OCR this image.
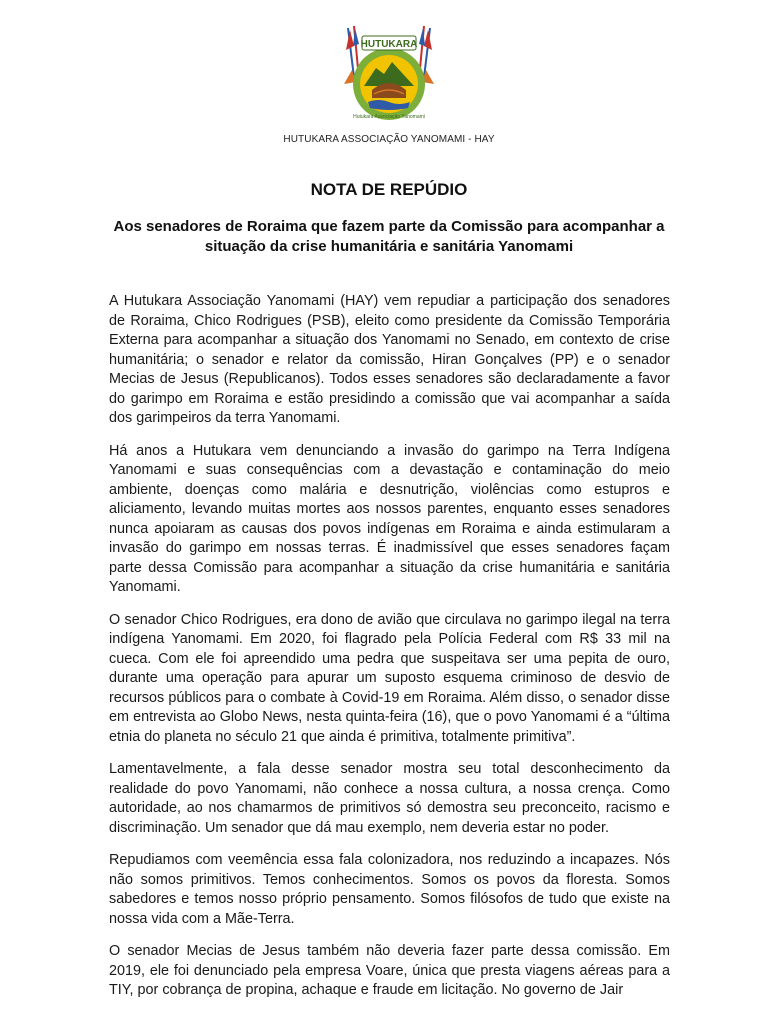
HUTUKARA
Hutukara Associação Yanomami
HUTUKARA ASSOCIAÇÃO YANOMAMI - HAY
NOTA DE REPÚDIO
Aos senadores de Roraima que fazem parte da Comissão para acompanhar a situação da crise humanitária e sanitária Yanomami

A Hutukara Associação Yanomami (HAY) vem repudiar a participação dos senadores de Roraima, Chico Rodrigues (PSB), eleito como presidente da Comissão Temporária Externa para acompanhar a situação dos Yanomami no Senado, em contexto de crise humanitária; o senador e relator da comissão, Hiran Gonçalves (PP) e o senador Mecias de Jesus (Republicanos). Todos esses senadores são declaradamente a favor do garimpo em Roraima e estão presidindo a comissão que vai acompanhar a saída dos garimpeiros da terra Yanomami.

Há anos a Hutukara vem denunciando a invasão do garimpo na Terra Indígena Yanomami e suas consequências com a devastação e contaminação do meio ambiente, doenças como malária e desnutrição, violências como estupros e aliciamento, levando muitas mortes aos nossos parentes, enquanto esses senadores nunca apoiaram as causas dos povos indígenas em Roraima e ainda estimularam a invasão do garimpo em nossas terras. É inadmissível que esses senadores façam parte dessa Comissão para acompanhar a situação da crise humanitária e sanitária Yanomami.

O senador Chico Rodrigues, era dono de avião que circulava no garimpo ilegal na terra indígena Yanomami. Em 2020, foi flagrado pela Polícia Federal com R$ 33 mil na cueca. Com ele foi apreendido uma pedra que suspeitava ser uma pepita de ouro, durante uma operação para apurar um suposto esquema criminoso de desvio de recursos públicos para o combate à Covid-19 em Roraima. Além disso, o senador disse em entrevista ao Globo News, nesta quinta-feira (16), que o povo Yanomami é a “última etnia do planeta no século 21 que ainda é primitiva, totalmente primitiva”.

Lamentavelmente, a fala desse senador mostra seu total desconhecimento da realidade do povo Yanomami, não conhece a nossa cultura, a nossa crença. Como autoridade, ao nos chamarmos de primitivos só demostra seu preconceito, racismo e discriminação. Um senador que dá mau exemplo, nem deveria estar no poder.

Repudiamos com veemência essa fala colonizadora, nos reduzindo a incapazes. Nós não somos primitivos. Temos conhecimentos. Somos os povos da floresta. Somos sabedores e temos nosso próprio pensamento. Somos filósofos de tudo que existe na nossa vida com a Mãe-Terra.

O senador Mecias de Jesus também não deveria fazer parte dessa comissão. Em 2019, ele foi denunciado pela empresa Voare, única que presta viagens aéreas para a TIY, por cobrança de propina, achaque e fraude em licitação. No governo de Jair
